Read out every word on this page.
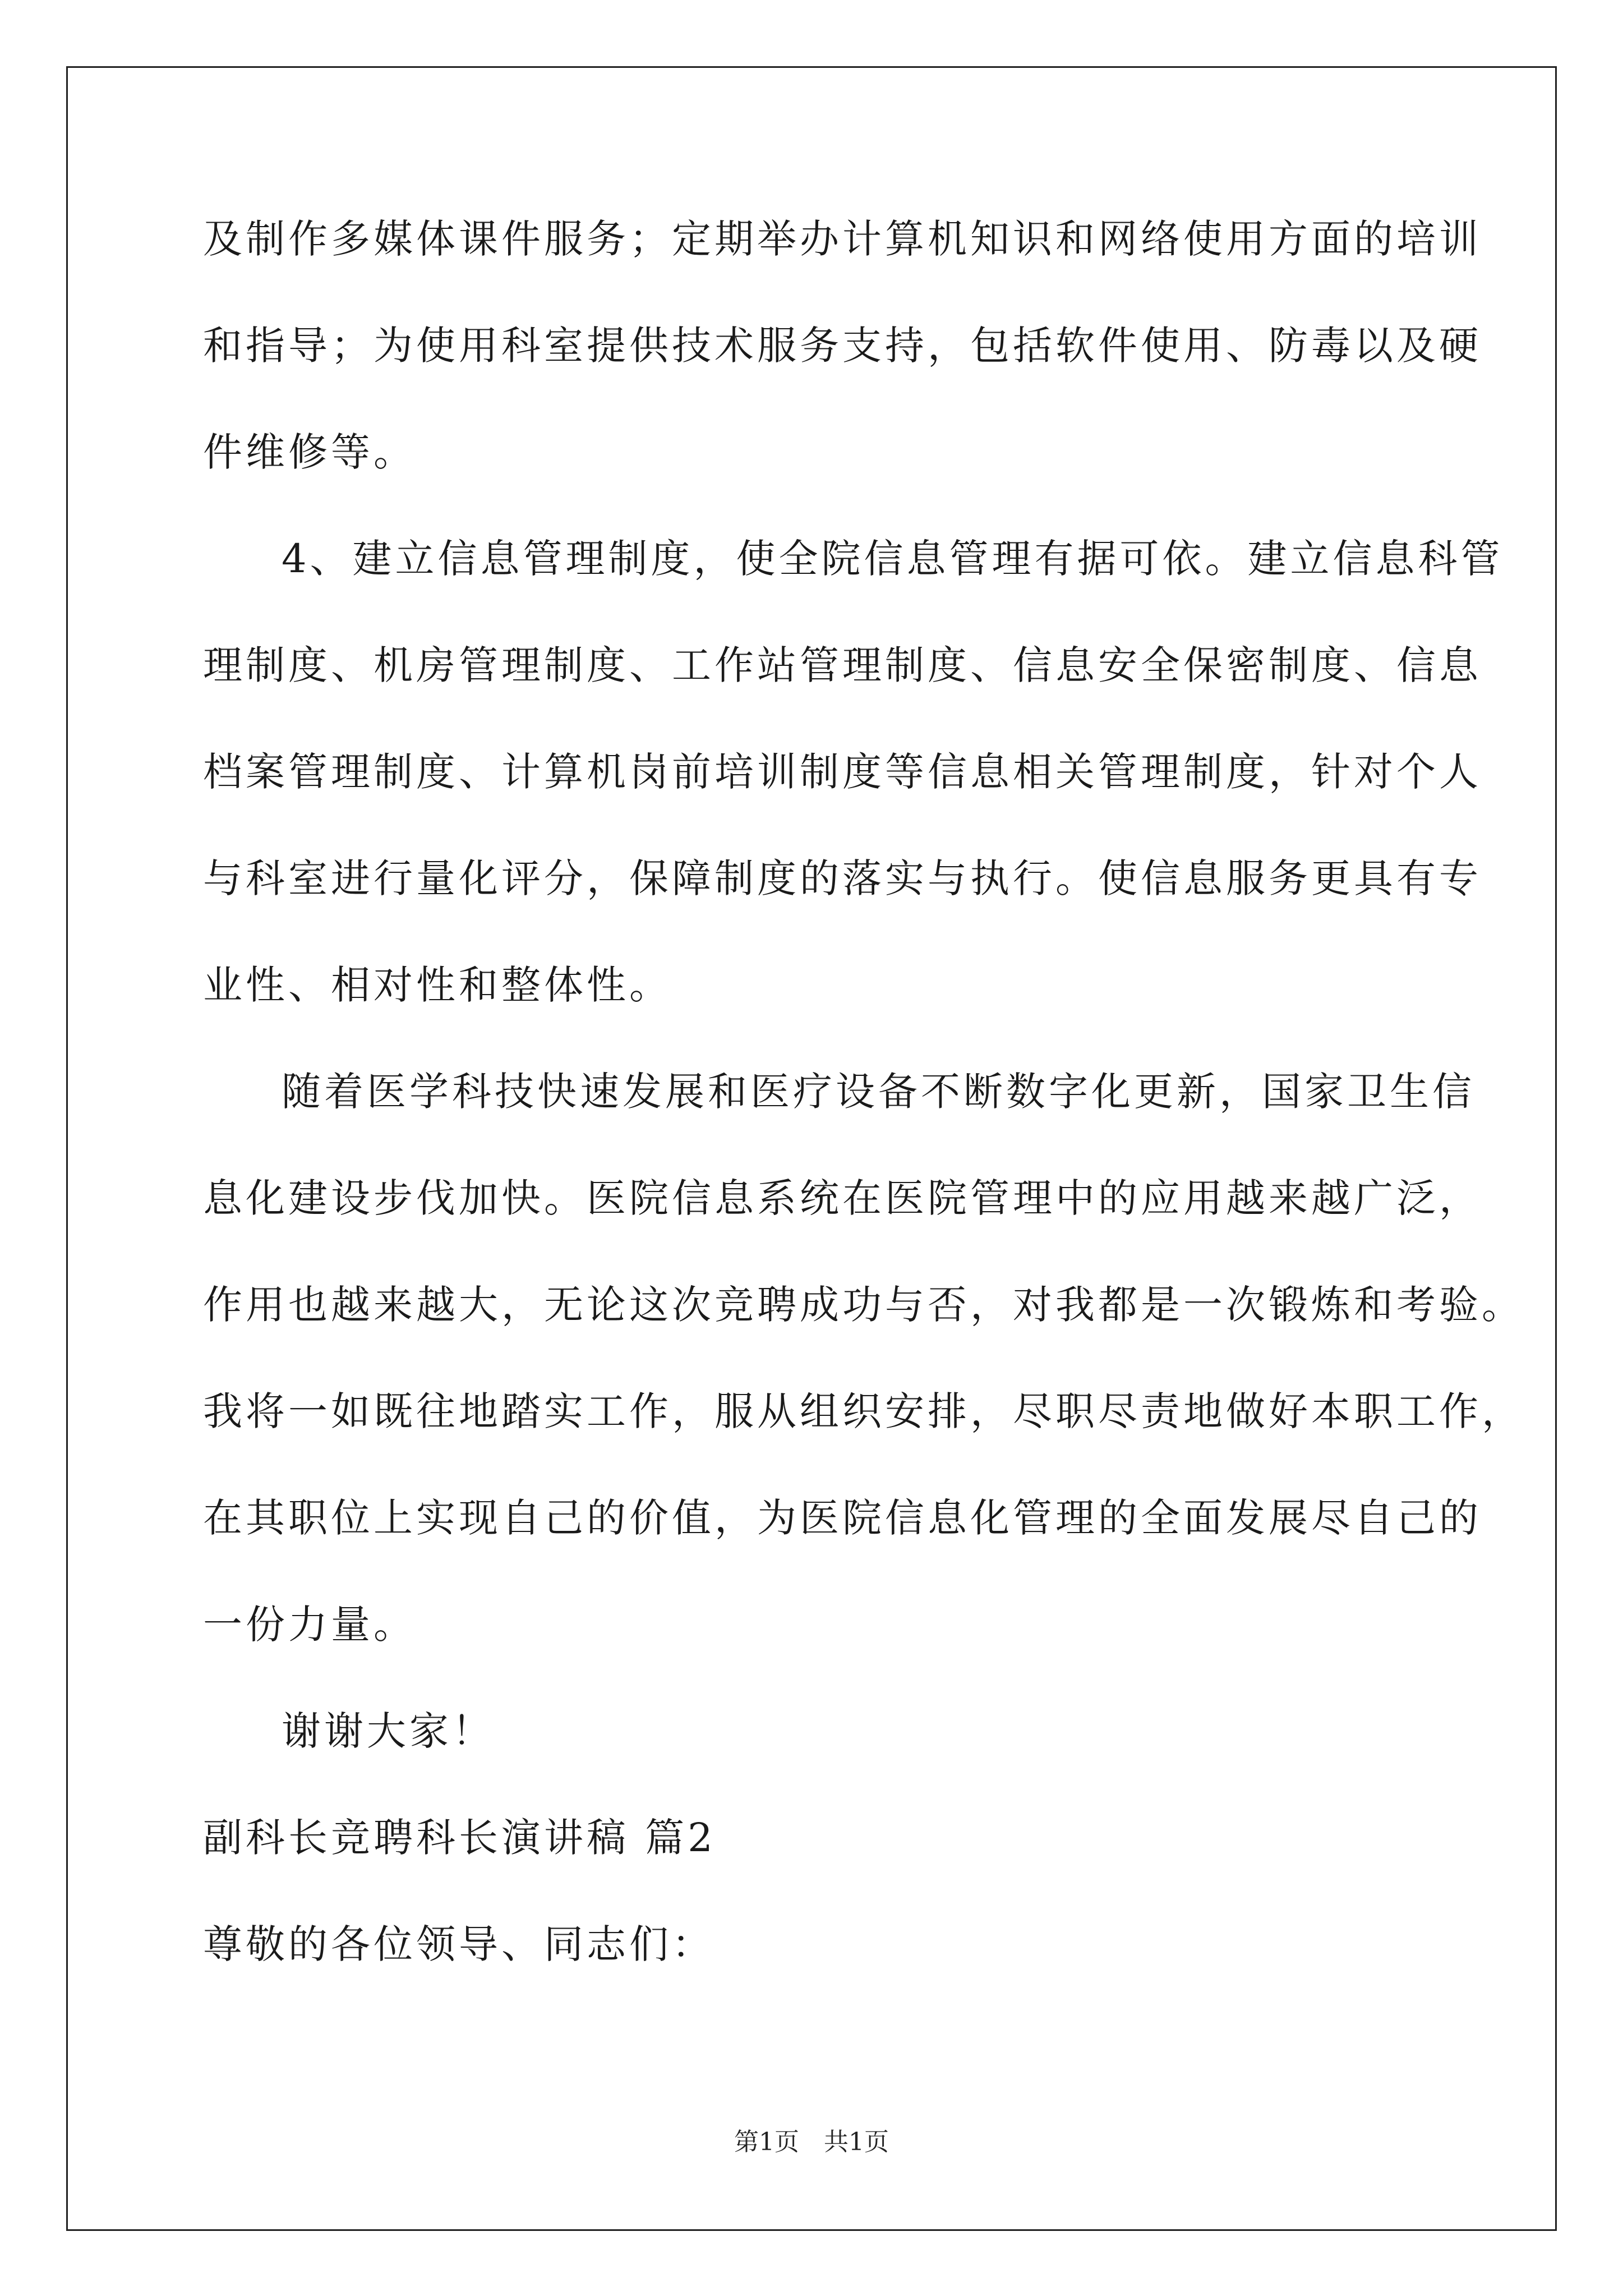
及制作多媒体课件服务；定期举办计算机知识和网络使用方面的培训
和指导；为使用科室提供技术服务支持，包括软件使用、防毒以及硬
件维修等。
4、建立信息管理制度，使全院信息管理有据可依。建立信息科管
理制度、机房管理制度、工作站管理制度、信息安全保密制度、信息
档案管理制度、计算机岗前培训制度等信息相关管理制度，针对个人
与科室进行量化评分，保障制度的落实与执行。使信息服务更具有专
业性、相对性和整体性。
随着医学科技快速发展和医疗设备不断数字化更新，国家卫生信
息化建设步伐加快。医院信息系统在医院管理中的应用越来越广泛，
作用也越来越大，无论这次竞聘成功与否，对我都是一次锻炼和考验。
我将一如既往地踏实工作，服从组织安排，尽职尽责地做好本职工作，
在其职位上实现自己的价值，为医院信息化管理的全面发展尽自己的
一份力量。
谢谢大家！
副科长竞聘科长演讲稿 篇2
尊敬的各位领导、同志们：
第1页　共1页
